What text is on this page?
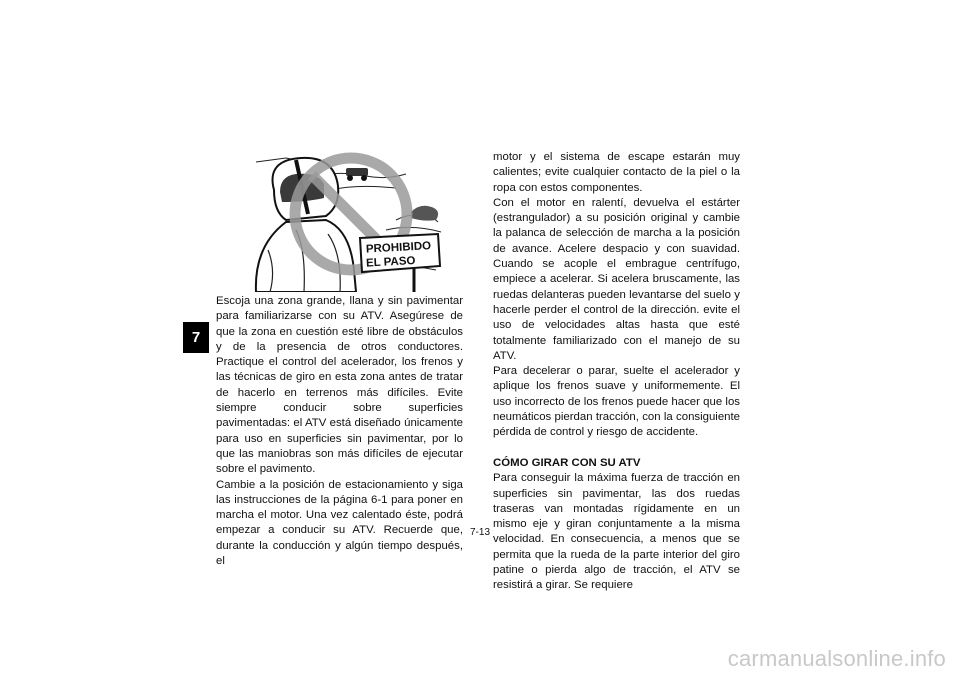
7
PROHIBIDO
EL PASO

Escoja una zona grande, llana y sin pavimentar para familiarizarse con su ATV. Asegúrese de que la zona en cuestión esté libre de obstáculos y de la presencia de otros conductores. Practique el control del acelerador, los frenos y las técnicas de giro en esta zona antes de tratar de hacerlo en terrenos más difíciles. Evite siempre conducir sobre superficies pavimentadas: el ATV está diseñado únicamente para uso en superficies sin pavimentar, por lo que las maniobras son más difíciles de ejecutar sobre el pavimento.

Cambie a la posición de estacionamiento y siga las instrucciones de la página 6-1 para poner en marcha el motor. Una vez calentado éste, podrá empezar a conducir su ATV. Recuerde que, durante la conducción y algún tiempo después, el

motor y el sistema de escape estarán muy calientes; evite cualquier contacto de la piel o la ropa con estos componentes.

Con el motor en ralentí, devuelva el estárter (estrangulador) a su posición original y cambie la palanca de selección de marcha a la posición de avance. Acelere despacio y con suavidad. Cuando se acople el embrague centrífugo, empiece a acelerar. Si acelera bruscamente, las ruedas delanteras pueden levantarse del suelo y hacerle perder el control de la dirección. evite el uso de velocidades altas hasta que esté totalmente familiarizado con el manejo de su ATV.

Para decelerar o parar, suelte el acelerador y aplique los frenos suave y uniformemente. El uso incorrecto de los frenos puede hacer que los neumáticos pierdan tracción, con la consiguiente pérdida de control y riesgo de accidente.

CÓMO GIRAR CON SU ATV

Para conseguir la máxima fuerza de tracción en superficies sin pavimentar, las dos ruedas traseras van montadas rígidamente en un mismo eje y giran conjuntamente a la misma velocidad. En consecuencia, a menos que se permita que la rueda de la parte interior del giro patine o pierda algo de tracción, el ATV se resistirá a girar. Se requiere

7-13
carmanualsonline.info
